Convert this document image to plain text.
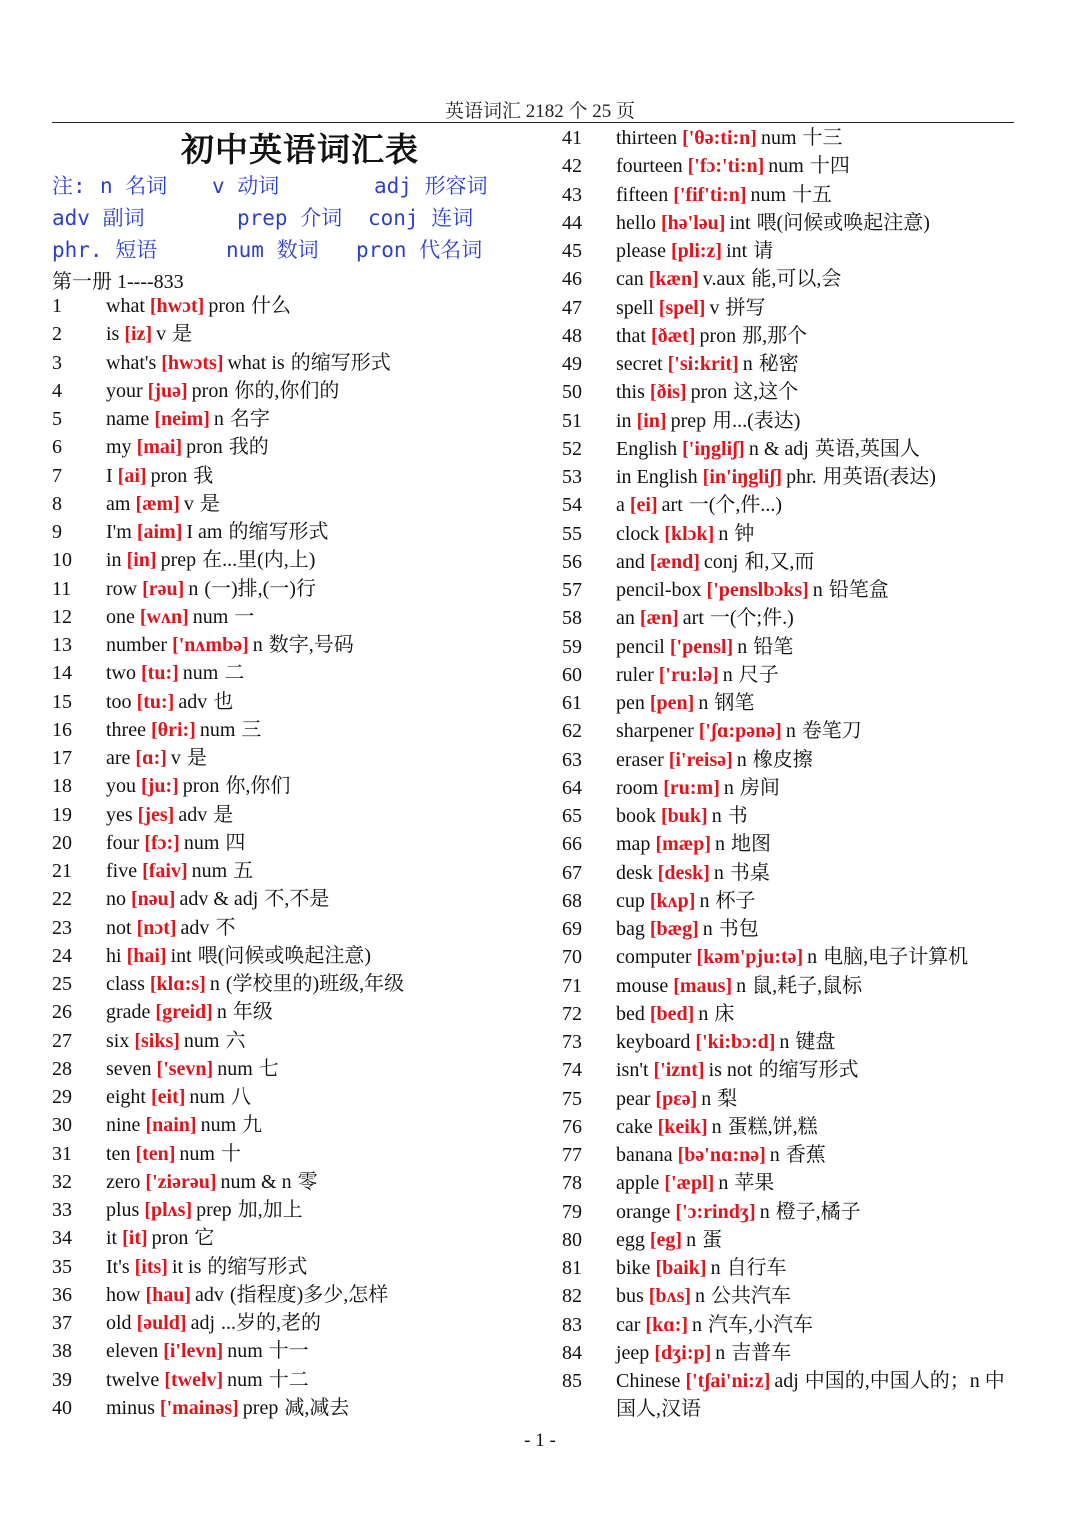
英语词汇 2182 个 25 页
初中英语词汇表
注: n 名词 v 动词	adj 形容词
adv 副词	prep 介词 conj 连词
phr. 短语	num 数词 pron 代名词
第一册 1----833
1	what [hwɔt] pron 什么
2	is [iz] v 是
3	what's [hwɔts] what is 的缩写形式
4	your [juə] pron 你的,你们的
5	name [neim] n 名字
6	my [mai] pron 我的
7	I [ai] pron 我
8	am [æm] v 是
9	I'm [aim] I am 的缩写形式
10	in [in] prep 在...里(内,上)
11	row [rəu] n (一)排,(一)行
12	one [wʌn] num 一
13	number ['nʌmbə] n 数字,号码
14	two [tu:] num 二
15	too [tu:] adv 也
16	three [θri:] num 三
17	are [ɑ:] v 是
18	you [ju:] pron 你,你们
19	yes [jes] adv 是
20	four [fɔ:] num 四
21	five [faiv] num 五
22	no [nəu] adv & adj 不,不是
23	not [nɔt] adv 不
24	hi [hai] int 喂(问候或唤起注意)
25	class [klɑ:s] n (学校里的)班级,年级
26	grade [greid] n 年级
27	six [siks] num 六
28	seven ['sevn] num 七
29	eight [eit] num 八
30	nine [nain] num 九
31	ten [ten] num 十
32	zero ['ziərəu] num & n 零
33	plus [plʌs] prep 加,加上
34	it [it] pron 它
35	It's [its] it is 的缩写形式
36	how [hau] adv (指程度)多少,怎样
37	old [əuld] adj ...岁的,老的
38	eleven [i'levn] num 十一
39	twelve [twelv] num 十二
40	minus ['mainəs] prep 减,减去
41	thirteen ['θə:ti:n] num 十三
42	fourteen ['fɔ:'ti:n] num 十四
43	fifteen ['fif'ti:n] num 十五
44	hello [hə'ləu] int 喂(问候或唤起注意)
45	please [pli:z] int 请
46	can [kæn] v.aux 能,可以,会
47	spell [spel] v 拼写
48	that [ðæt] pron 那,那个
49	secret ['si:krit] n 秘密
50	this [ðis] pron 这,这个
51	in [in] prep 用...(表达)
52	English ['iŋgliʃ] n & adj 英语,英国人
53	in English [in'iŋgliʃ] phr. 用英语(表达)
54	a [ei] art 一(个,件...)
55	clock [klɔk] n 钟
56	and [ænd] conj 和,又,而
57	pencil-box ['penslbɔks] n 铅笔盒
58	an [æn] art 一(个;件.)
59	pencil ['pensl] n 铅笔
60	ruler ['ru:lə] n 尺子
61	pen [pen] n 钢笔
62	sharpener ['ʃɑ:pənə] n 卷笔刀
63	eraser [i'reisə] n 橡皮擦
64	room [ru:m] n 房间
65	book [buk] n 书
66	map [mæp] n 地图
67	desk [desk] n 书桌
68	cup [kʌp] n 杯子
69	bag [bæg] n 书包
70	computer [kəm'pju:tə] n 电脑,电子计算机
71	mouse [maus] n 鼠,耗子,鼠标
72	bed [bed] n 床
73	keyboard ['ki:bɔ:d] n 键盘
74	isn't ['iznt] is not 的缩写形式
75	pear [pεə] n 梨
76	cake [keik] n 蛋糕,饼,糕
77	banana [bə'nɑ:nə] n 香蕉
78	apple ['æpl] n 苹果
79	orange ['ɔ:rindʒ] n 橙子,橘子
80	egg [eg] n 蛋
81	bike [baik] n 自行车
82	bus [bʌs] n 公共汽车
83	car [kɑ:] n 汽车,小汽车
84	jeep [dʒi:p] n 吉普车
85	Chinese ['tʃai'ni:z] adj 中国的,中国人的；n 中国人,汉语
- 1 -
